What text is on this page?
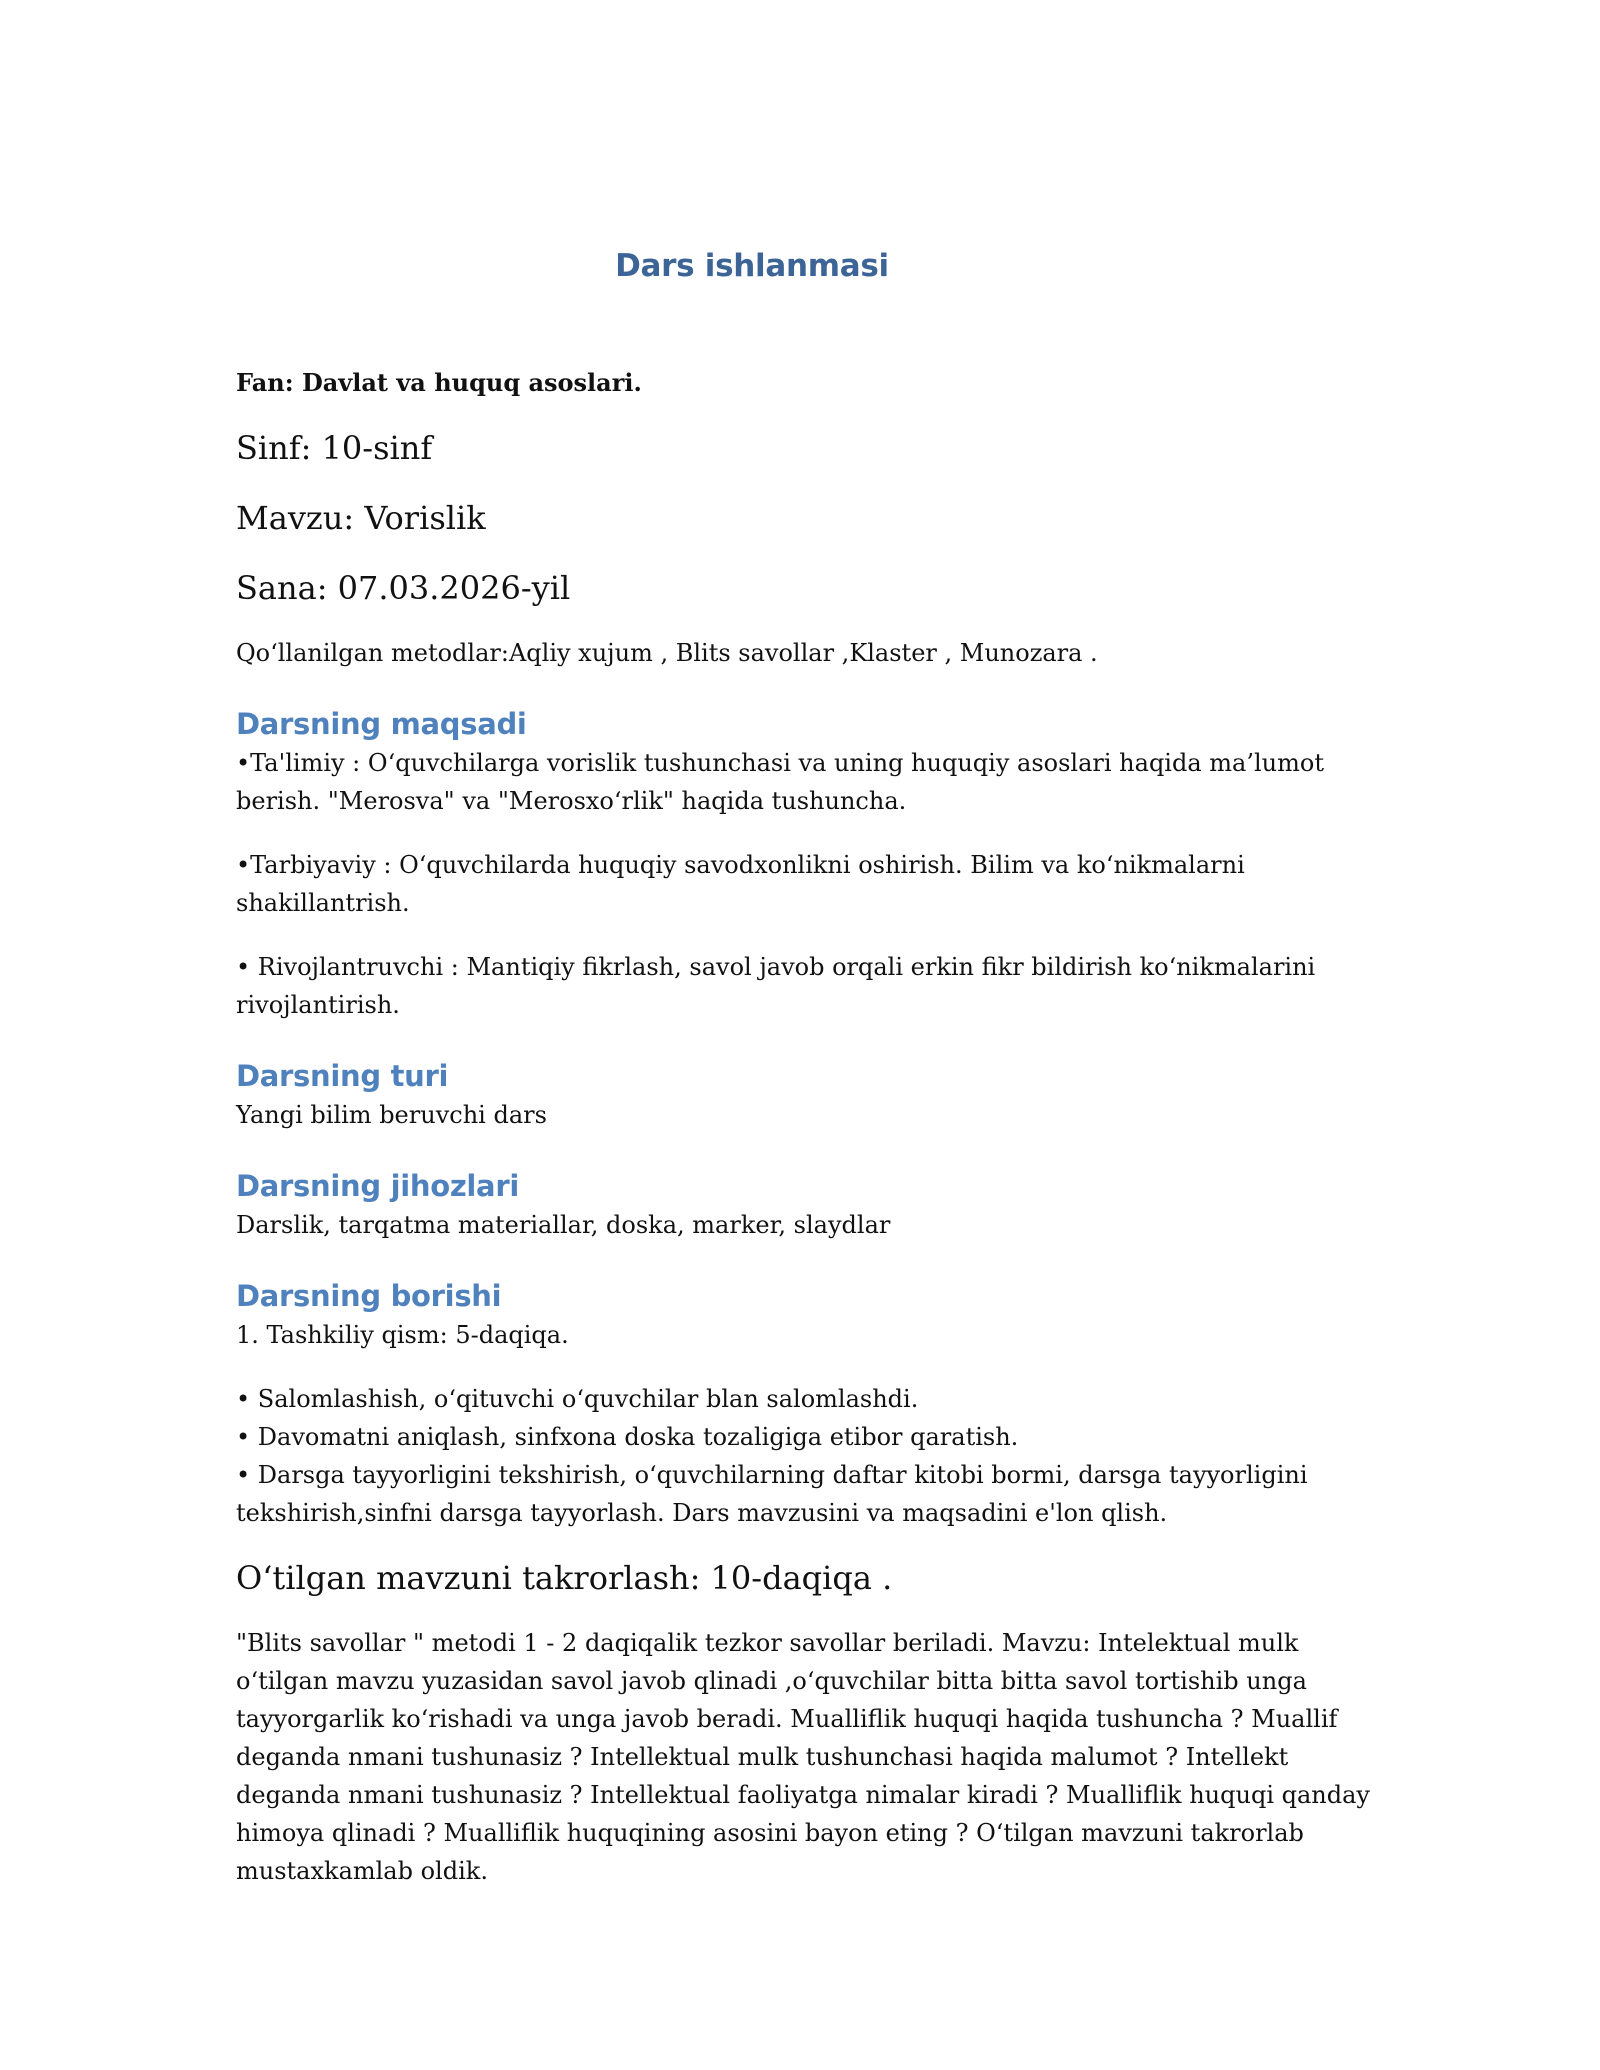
Dars ishlanmasi

Fan: Davlat va huquq asoslari.

Sinf: 10-sinf

Mavzu: Vorislik

Sana: 07.03.2026-yil

Qo‘llanilgan metodlar:Aqliy xujum , Blits savollar ,Klaster , Munozara .

Darsning maqsadi

•Ta'limiy : O‘quvchilarga vorislik tushunchasi va uning huquqiy asoslari haqida ma’lumot berish. "Merosva" va "Merosxo‘rlik" haqida tushuncha.

•Tarbiyaviy : O‘quvchilarda huquqiy savodxonlikni oshirish. Bilim va ko‘nikmalarni shakillantrish.

• Rivojlantruvchi : Mantiqiy fikrlash, savol javob orqali erkin fikr bildirish ko‘nikmalarini rivojlantirish.

Darsning turi

Yangi bilim beruvchi dars

Darsning jihozlari

Darslik, tarqatma materiallar, doska, marker, slaydlar

Darsning borishi

1. Tashkiliy qism: 5-daqiqa.

• Salomlashish, o‘qituvchi o‘quvchilar blan salomlashdi.

• Davomatni aniqlash, sinfxona doska tozaligiga etibor qaratish.

• Darsga tayyorligini tekshirish, o‘quvchilarning daftar kitobi bormi, darsga tayyorligini tekshirish,sinfni darsga tayyorlash. Dars mavzusini va maqsadini e'lon qlish.

O‘tilgan mavzuni takrorlash: 10-daqiqa .

"Blits savollar " metodi 1 - 2 daqiqalik tezkor savollar beriladi. Mavzu: Intelektual mulk o‘tilgan mavzu yuzasidan savol javob qlinadi ,o‘quvchilar bitta bitta savol tortishib unga tayyorgarlik ko‘rishadi va unga javob beradi. Mualliflik huquqi haqida tushuncha ? Muallif deganda nmani tushunasiz ? Intellektual mulk tushunchasi haqida malumot ? Intellekt deganda nmani tushunasiz ? Intellektual faoliyatga nimalar kiradi ? Mualliflik huquqi qanday himoya qlinadi ? Mualliflik huquqining asosini bayon eting ? O‘tilgan mavzuni takrorlab mustaxkamlab oldik.
